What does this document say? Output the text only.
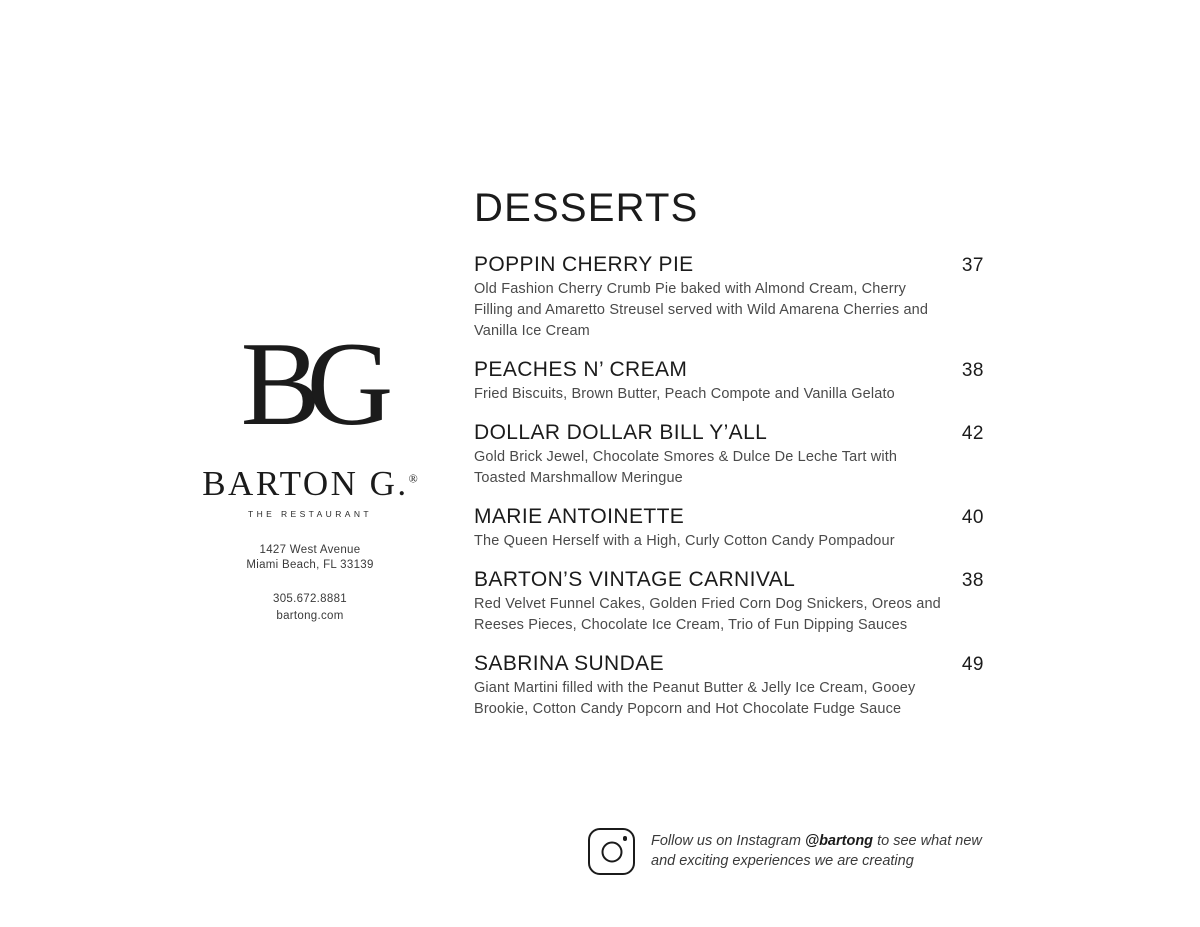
BG
BARTON G.®
THE RESTAURANT
1427 West Avenue
Miami Beach, FL 33139
305.672.8881
bartong.com
DESSERTS
POPPIN CHERRY PIE	37
Old Fashion Cherry Crumb Pie baked with Almond Cream, Cherry Filling and Amaretto Streusel served with Wild Amarena Cherries and Vanilla Ice Cream
PEACHES N’ CREAM	38
Fried Biscuits, Brown Butter, Peach Compote and Vanilla Gelato
DOLLAR DOLLAR BILL Y’ALL	42
Gold Brick Jewel, Chocolate Smores & Dulce De Leche Tart with Toasted Marshmallow Meringue
MARIE ANTOINETTE	40
The Queen Herself with a High, Curly Cotton Candy Pompadour
BARTON’S VINTAGE CARNIVAL	38
Red Velvet Funnel Cakes, Golden Fried Corn Dog Snickers, Oreos and Reeses Pieces, Chocolate Ice Cream, Trio of Fun Dipping Sauces
SABRINA SUNDAE	49
Giant Martini filled with the Peanut Butter & Jelly Ice Cream, Gooey Brookie, Cotton Candy Popcorn and Hot Chocolate Fudge Sauce
Follow us on Instagram @bartong to see what new and exciting experiences we are creating
